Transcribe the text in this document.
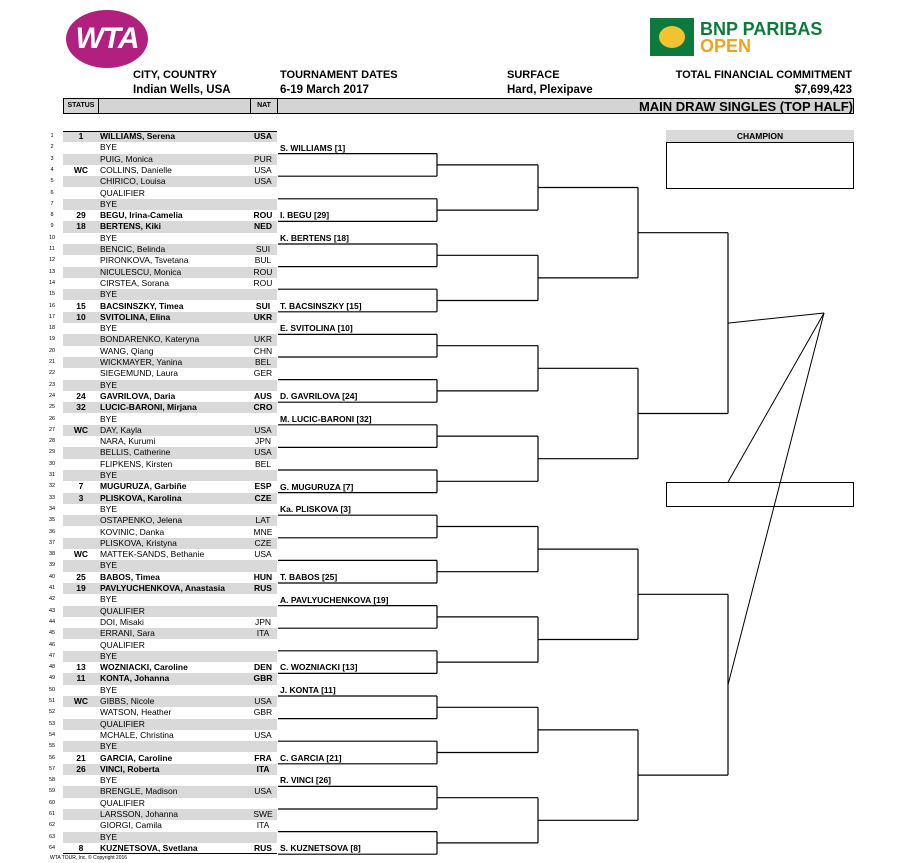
WTA	BNP PARIBAS
OPEN
CITY, COUNTRY
Indian Wells, USA
TOURNAMENT DATES
6-19 March 2017
SURFACE
Hard, Plexipave
TOTAL FINANCIAL COMMITMENT
$7,699,423
STATUS	NAT	MAIN DRAW SINGLES (TOP HALF)
1	1	WILLIAMS, Serena	USA
2	BYE
3	PUIG, Monica	PUR
4	WC	COLLINS, Danielle	USA
5	CHIRICO, Louisa	USA
6	QUALIFIER
7	BYE
8	29	BEGU, Irina-Camelia	ROU
9	18	BERTENS, Kiki	NED
10	BYE
11	BENCIC, Belinda	SUI
12	PIRONKOVA, Tsvetana	BUL
13	NICULESCU, Monica	ROU
14	CIRSTEA, Sorana	ROU
15	BYE
16	15	BACSINSZKY, Timea	SUI
17	10	SVITOLINA, Elina	UKR
18	BYE
19	BONDARENKO, Kateryna	UKR
20	WANG, Qiang	CHN
21	WICKMAYER, Yanina	BEL
22	SIEGEMUND, Laura	GER
23	BYE
24	24	GAVRILOVA, Daria	AUS
25	32	LUCIC-BARONI, Mirjana	CRO
26	BYE
27	WC	DAY, Kayla	USA
28	NARA, Kurumi	JPN
29	BELLIS, Catherine	USA
30	FLIPKENS, Kirsten	BEL
31	BYE
32	7	MUGURUZA, Garbiñe	ESP
33	3	PLISKOVA, Karolina	CZE
34	BYE
35	OSTAPENKO, Jelena	LAT
36	KOVINIC, Danka	MNE
37	PLISKOVA, Kristyna	CZE
38	WC	MATTEK-SANDS, Bethanie	USA
39	BYE
40	25	BABOS, Timea	HUN
41	19	PAVLYUCHENKOVA, Anastasia	RUS
42	BYE
43	QUALIFIER
44	DOI, Misaki	JPN
45	ERRANI, Sara	ITA
46	QUALIFIER
47	BYE
48	13	WOZNIACKI, Caroline	DEN
49	11	KONTA, Johanna	GBR
50	BYE
51	WC	GIBBS, Nicole	USA
52	WATSON, Heather	GBR
53	QUALIFIER
54	MCHALE, Christina	USA
55	BYE
56	21	GARCIA, Caroline	FRA
57	26	VINCI, Roberta	ITA
58	BYE
59	BRENGLE, Madison	USA
60	QUALIFIER
61	LARSSON, Johanna	SWE
62	GIORGI, Camila	ITA
63	BYE
64	8	KUZNETSOVA, Svetlana	RUS
S. WILLIAMS [1]
I. BEGU [29]
K. BERTENS [18]
T. BACSINSZKY [15]
E. SVITOLINA [10]
D. GAVRILOVA [24]
M. LUCIC-BARONI [32]
G. MUGURUZA [7]
Ka. PLISKOVA [3]
T. BABOS [25]
A. PAVLYUCHENKOVA [19]
C. WOZNIACKI [13]
J. KONTA [11]
C. GARCIA [21]
R. VINCI [26]
S. KUZNETSOVA [8]
CHAMPION
WTA TOUR, Inc. © Copyright 2016
